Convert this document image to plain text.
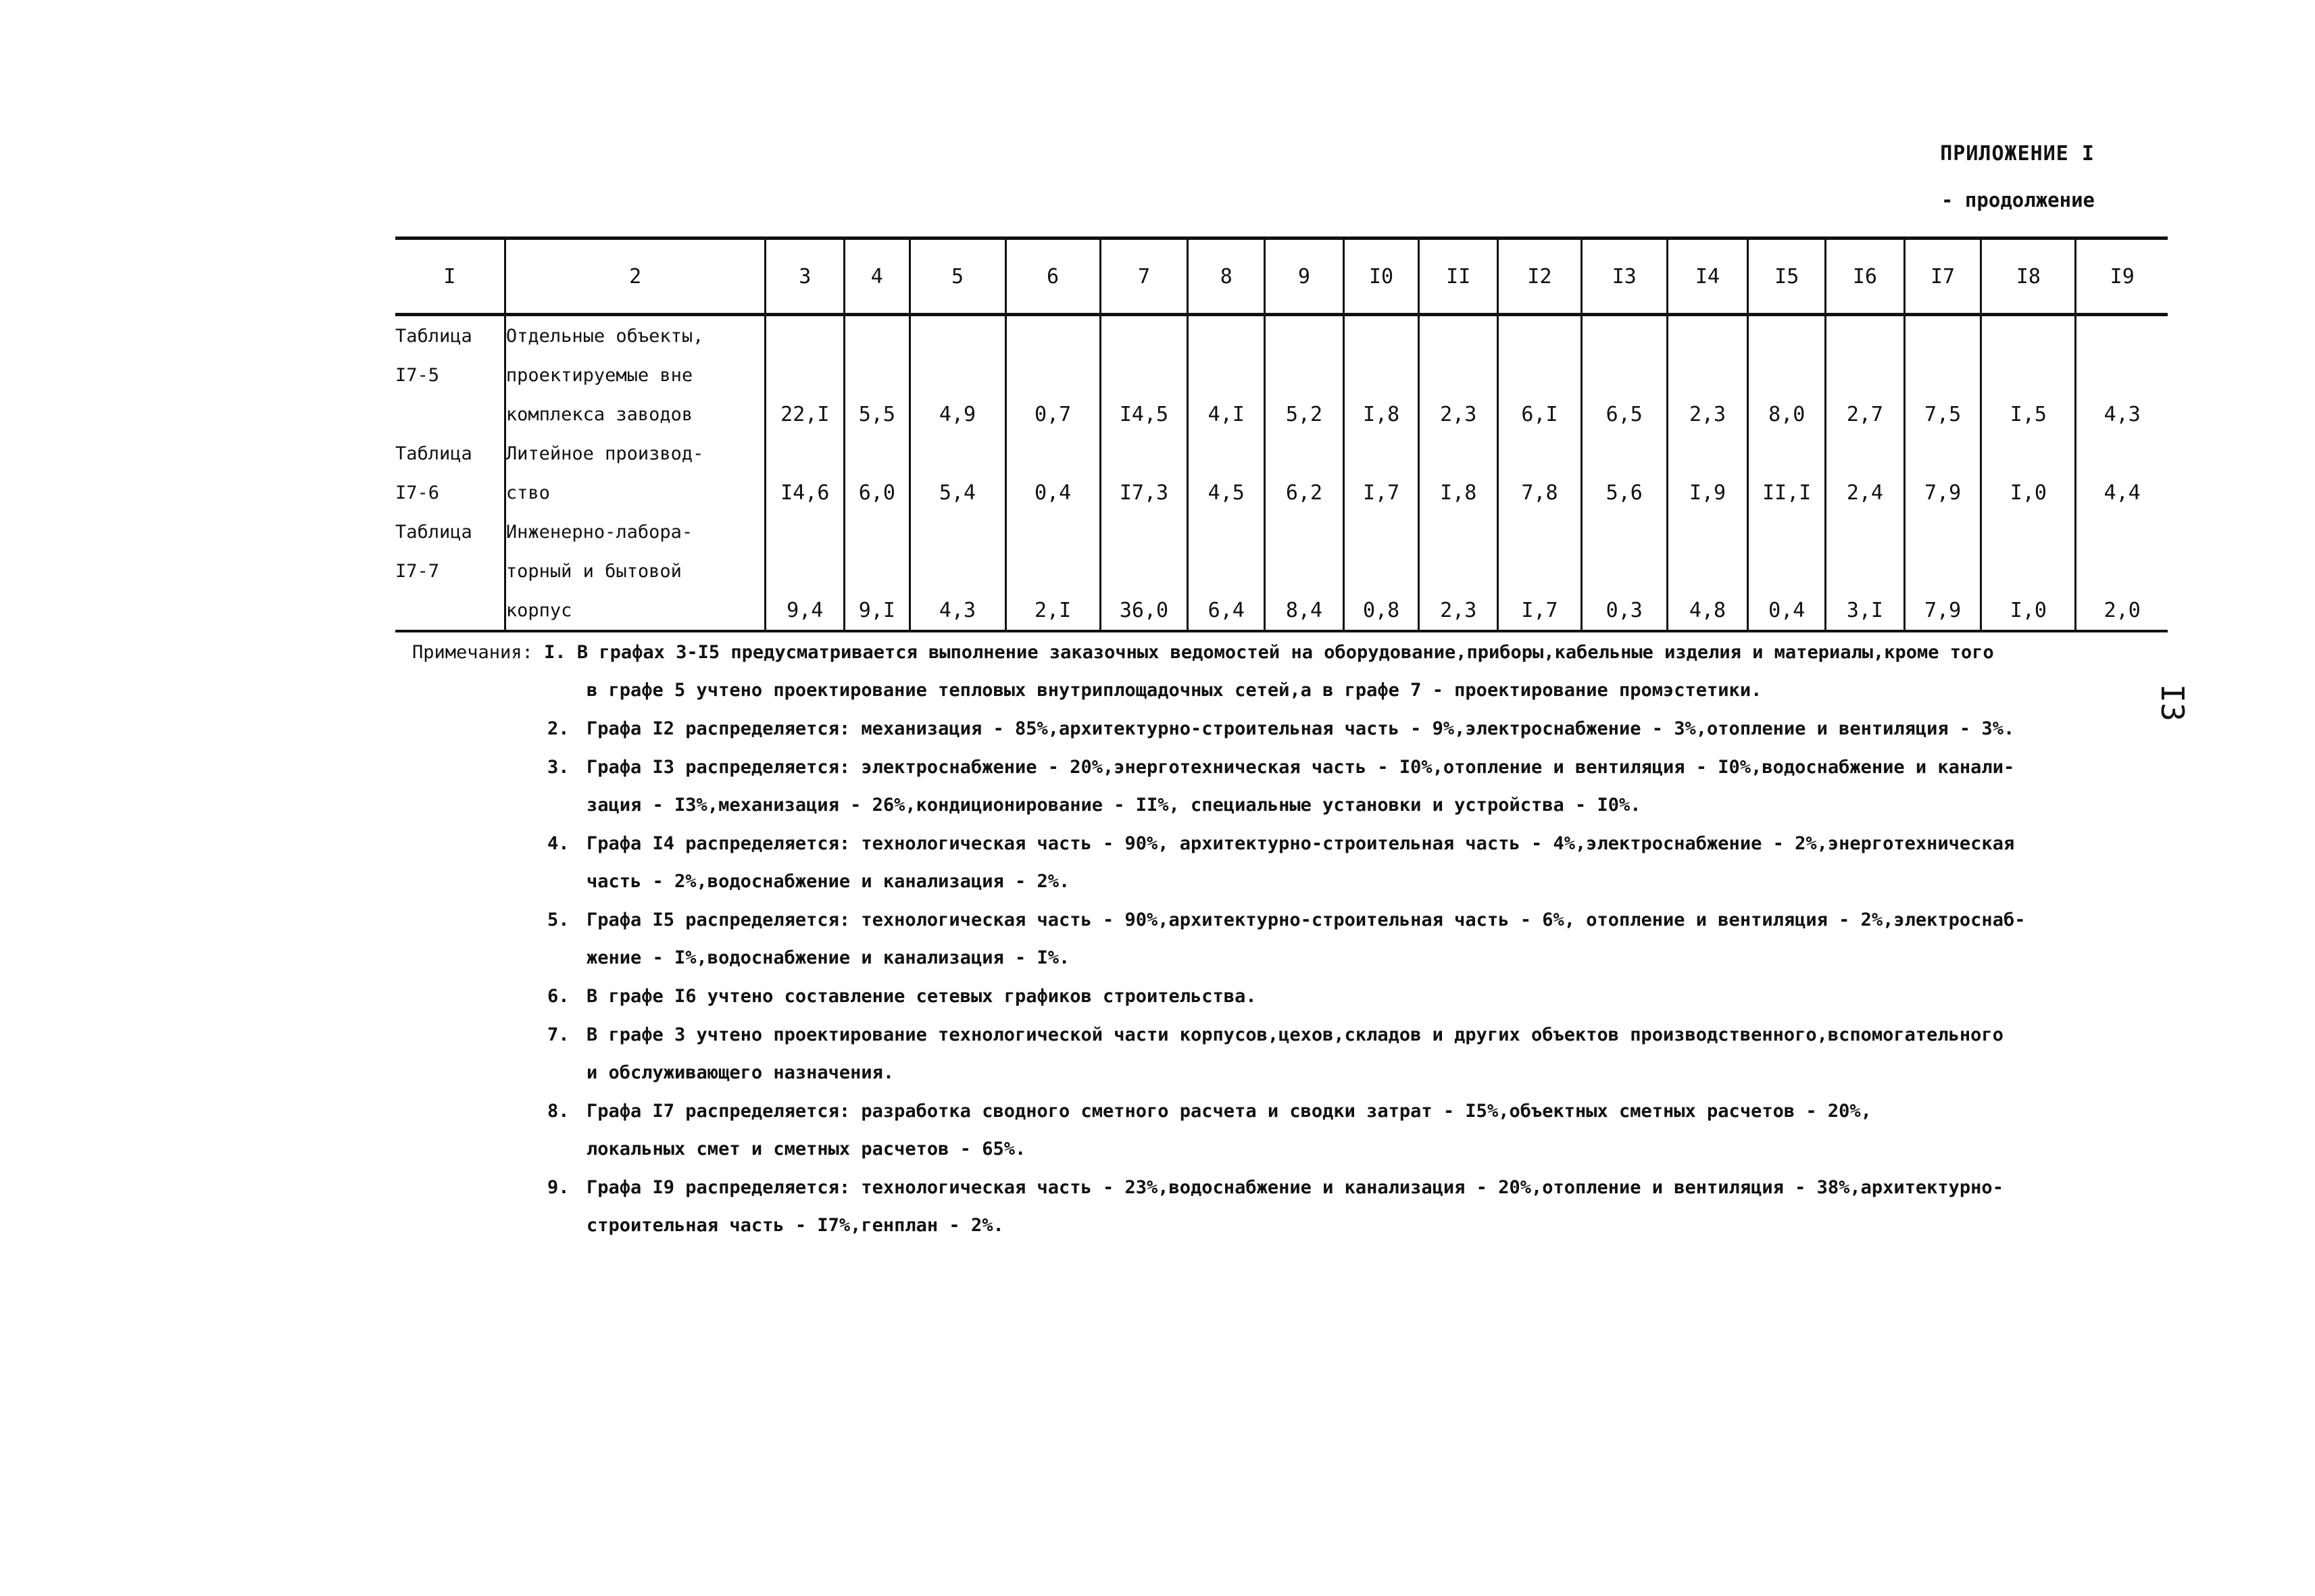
ПРИЛОЖЕНИЕ I
- продолжение
I3
I	2	3	4	5	6	7	8	9	I0	II	I2	I3	I4	I5	I6	I7	I8	I9
Таблица	Отдельные объекты,																	
I7-5	проектируемые вне																	
	комплекса заводов	22,I	5,5	4,9	0,7	I4,5	4,I	5,2	I,8	2,3	6,I	6,5	2,3	8,0	2,7	7,5	I,5	4,3
Таблица	Литейное производ-																	
I7-6	ство	I4,6	6,0	5,4	0,4	I7,3	4,5	6,2	I,7	I,8	7,8	5,6	I,9	II,I	2,4	7,9	I,0	4,4
Таблица	Инженерно-лабора-																	
I7-7	торный и бытовой																	
	корпус	9,4	9,I	4,3	2,I	36,0	6,4	8,4	0,8	2,3	I,7	0,3	4,8	0,4	3,I	7,9	I,0	2,0
Примечания: I. В графах 3-I5 предусматривается выполнение заказочных ведомостей на оборудование,приборы,кабельные изделия и материалы,кроме того
в графе 5 учтено проектирование тепловых внутриплощадочных сетей,а в графе 7 - проектирование промэстетики.
2. Графа I2 распределяется: механизация - 85%,архитектурно-строительная часть - 9%,электроснабжение - 3%,отопление и вентиляция - 3%.
3. Графа I3 распределяется: электроснабжение - 20%,энерготехническая часть - I0%,отопление и вентиляция - I0%,водоснабжение и канали-
зация - I3%,механизация - 26%,кондиционирование - II%, специальные установки и устройства - I0%.
4. Графа I4 распределяется: технологическая часть - 90%, архитектурно-строительная часть - 4%,электроснабжение - 2%,энерготехническая
часть - 2%,водоснабжение и канализация - 2%.
5. Графа I5 распределяется: технологическая часть - 90%,архитектурно-строительная часть - 6%, отопление и вентиляция - 2%,электроснаб-
жение - I%,водоснабжение и канализация - I%.
6. В графе I6 учтено составление сетевых графиков строительства.
7. В графе 3 учтено проектирование технологической части корпусов,цехов,складов и других объектов производственного,вспомогательного
и обслуживающего назначения.
8. Графа I7 распределяется: разработка сводного сметного расчета и сводки затрат - I5%,объектных сметных расчетов - 20%,
локальных смет и сметных расчетов - 65%.
9. Графа I9 распределяется: технологическая часть - 23%,водоснабжение и канализация - 20%,отопление и вентиляция - 38%,архитектурно-
строительная часть - I7%,генплан - 2%.
